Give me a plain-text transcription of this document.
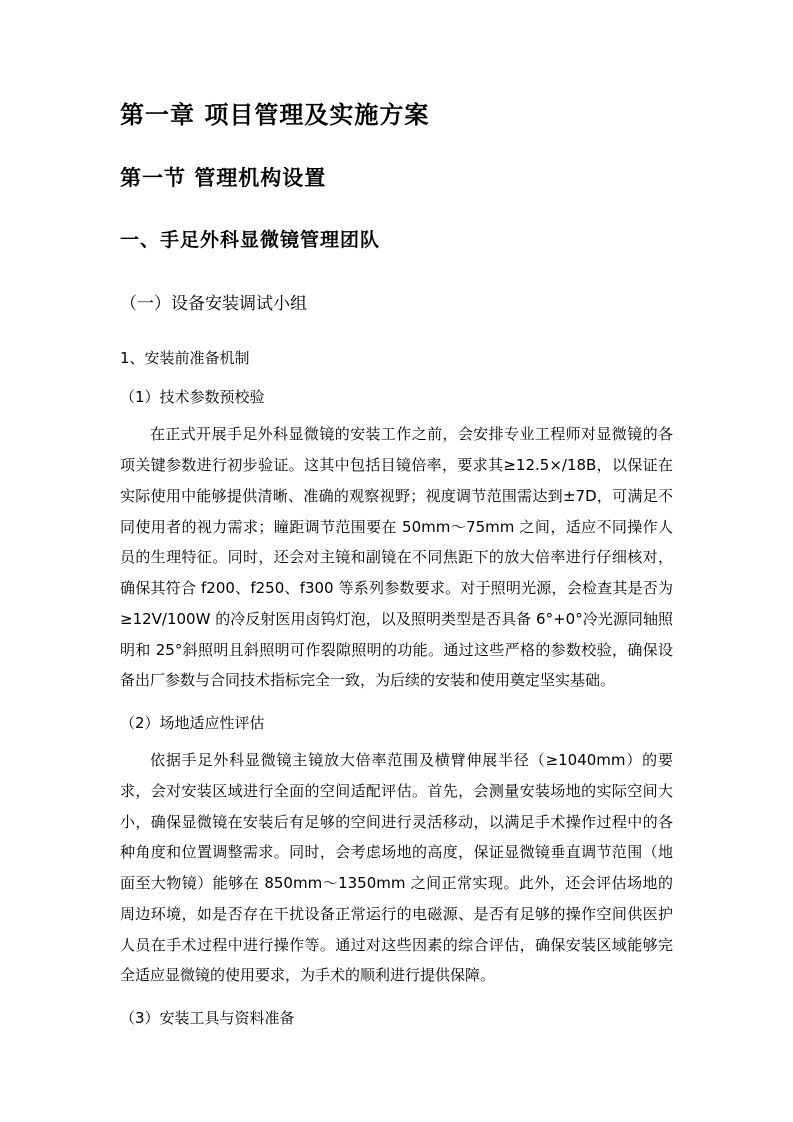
第一章 项目管理及实施方案
第一节 管理机构设置
一、手足外科显微镜管理团队
（一）设备安装调试小组
1、安装前准备机制
（1）技术参数预校验

在正式开展手足外科显微镜的安装工作之前，会安排专业工程师对显微镜的各项关键参数进行初步验证。这其中包括目镜倍率，要求其≥12.5×/18B，以保证在实际使用中能够提供清晰、准确的观察视野；视度调节范围需达到±7D，可满足不同使用者的视力需求；瞳距调节范围要在 50mm～75mm 之间，适应不同操作人员的生理特征。同时，还会对主镜和副镜在不同焦距下的放大倍率进行仔细核对，确保其符合 f200、f250、f300 等系列参数要求。对于照明光源，会检查其是否为≥12V/100W 的冷反射医用卤钨灯泡，以及照明类型是否具备 6°+0°冷光源同轴照明和 25°斜照明且斜照明可作裂隙照明的功能。通过这些严格的参数校验，确保设备出厂参数与合同技术指标完全一致，为后续的安装和使用奠定坚实基础。

（2）场地适应性评估

依据手足外科显微镜主镜放大倍率范围及横臂伸展半径（≥1040mm）的要求，会对安装区域进行全面的空间适配评估。首先，会测量安装场地的实际空间大小，确保显微镜在安装后有足够的空间进行灵活移动，以满足手术操作过程中的各种角度和位置调整需求。同时，会考虑场地的高度，保证显微镜垂直调节范围（地面至大物镜）能够在 850mm～1350mm 之间正常实现。此外，还会评估场地的周边环境，如是否存在干扰设备正常运行的电磁源、是否有足够的操作空间供医护人员在手术过程中进行操作等。通过对这些因素的综合评估，确保安装区域能够完全适应显微镜的使用要求，为手术的顺利进行提供保障。

（3）安装工具与资料准备
